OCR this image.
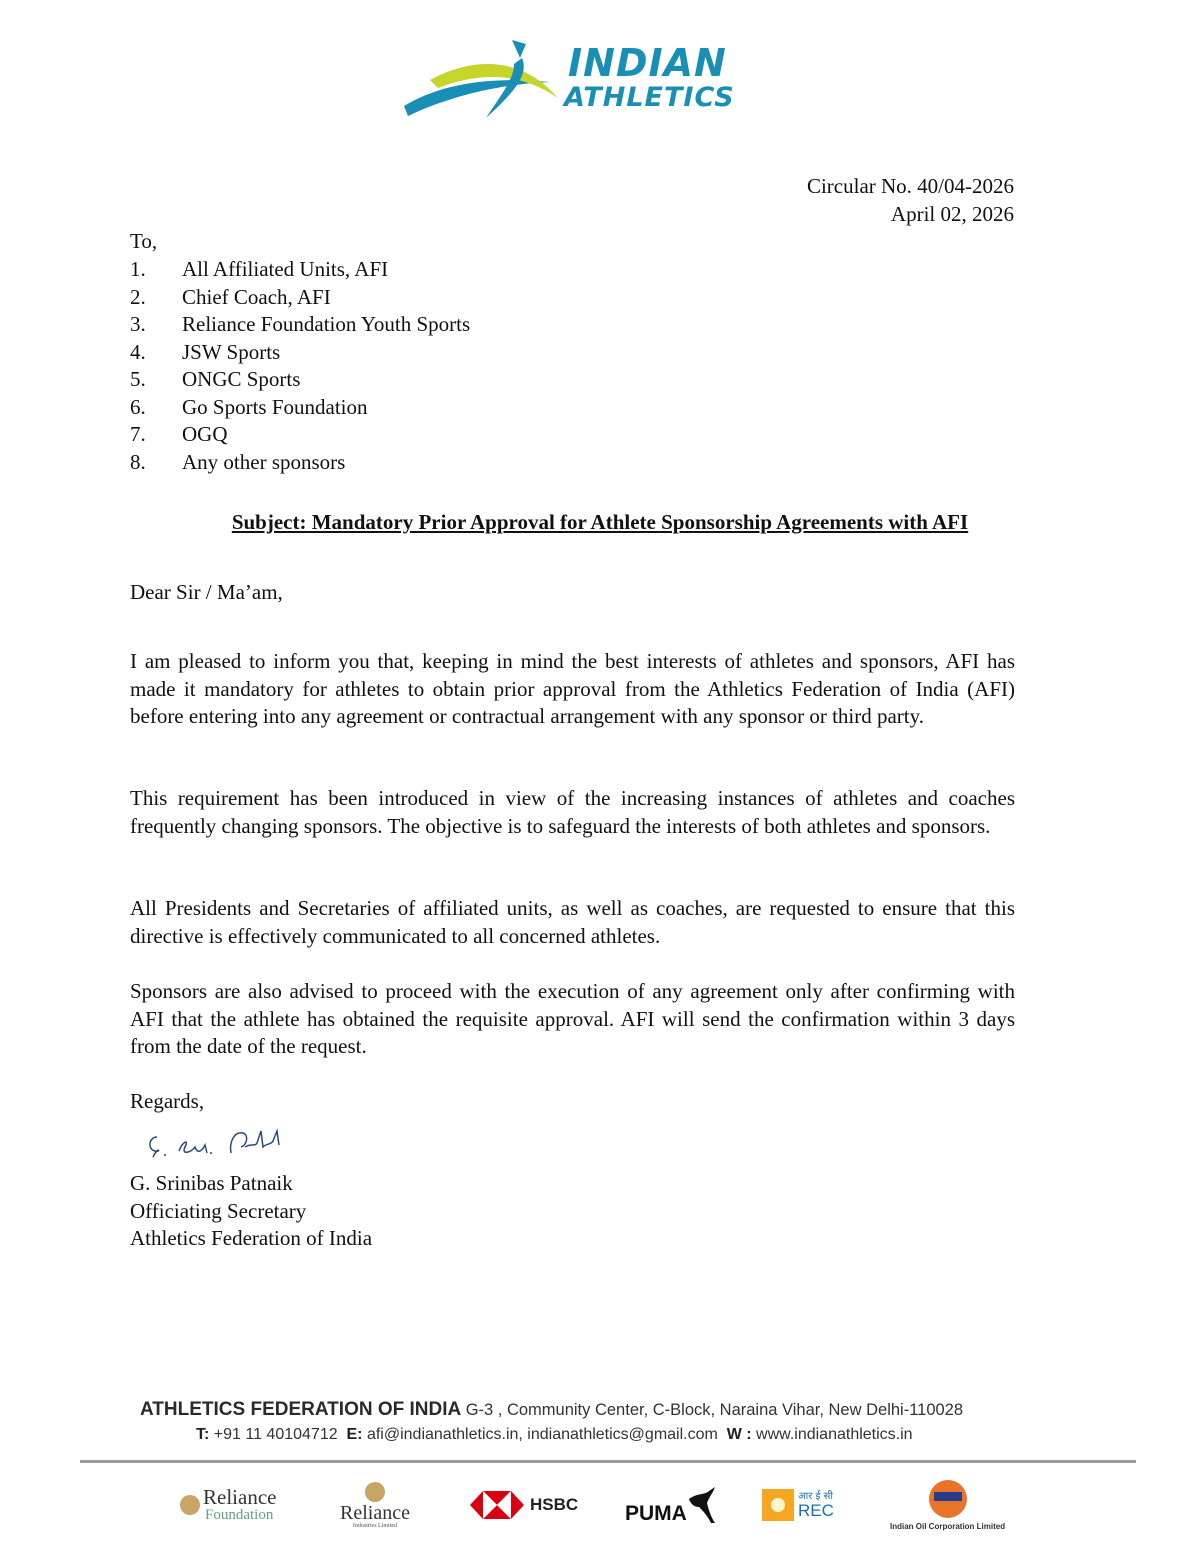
INDIAN
ATHLETICS
Circular No. 40/04-2026
April 02, 2026
To,
1.	All Affiliated Units, AFI
2.	Chief Coach, AFI
3.	Reliance Foundation Youth Sports
4.	JSW Sports
5.	ONGC Sports
6.	Go Sports Foundation
7.	OGQ
8.	Any other sponsors
Subject: Mandatory Prior Approval for Athlete Sponsorship Agreements with AFI
Dear Sir / Ma’am,

I am pleased to inform you that, keeping in mind the best interests of athletes and sponsors, AFI has made it mandatory for athletes to obtain prior approval from the Athletics Federation of India (AFI) before entering into any agreement or contractual arrangement with any sponsor or third party.

This requirement has been introduced in view of the increasing instances of athletes and coaches frequently changing sponsors. The objective is to safeguard the interests of both athletes and sponsors.

All Presidents and Secretaries of affiliated units, as well as coaches, are requested to ensure that this directive is effectively communicated to all concerned athletes.

Sponsors are also advised to proceed with the execution of any agreement only after confirming with AFI that the athlete has obtained the requisite approval. AFI will send the confirmation within 3 days from the date of the request.

Regards,
G. Srinibas Patnaik
Officiating Secretary
Athletics Federation of India
ATHLETICS FEDERATION OF INDIA G-3 , Community Center, C-Block, Naraina Vihar, New Delhi-110028
T: +91 11 40104712 E: afi@indianathletics.in, indianathletics@gmail.com W : www.indianathletics.in
Reliance
Foundation	Reliance
Industries Limited
HSBC PUMA
आर ई सी
REC
Indian Oil Corporation Limited
